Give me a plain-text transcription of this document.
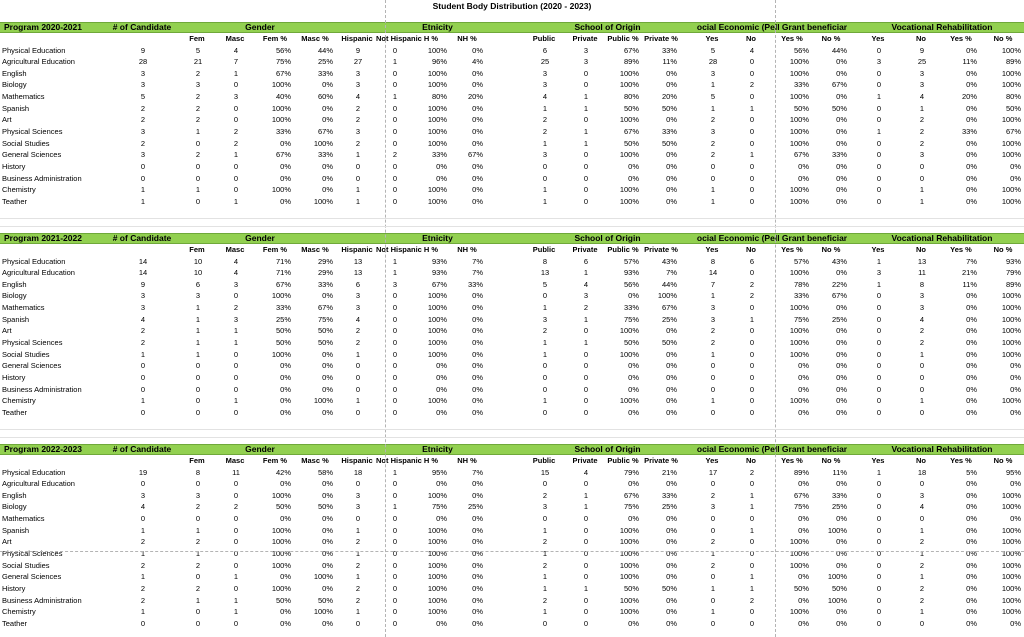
Student Body Distribution (2020 - 2023)
Program 2020-2021	# of Candidate	Gender	Etnicity	School of Origin	ocial Economic (Pell Grant beneficiar	Vocational Rehabilitation
Fem	Masc	Fem %	Masc %	Hispanic Not Hispanic H %	NH %	Public	Private	Public % Private %	Yes	No	Yes %	No %	Yes	No	Yes %	No %
Physical Education	9	5	4	56%	44%	9	0	100%	0%	6	3	67%	33%	5	4	56%	44%	0	9	0%	100%
Agricultural Education	28	21	7	75%	25%	27	1	96%	4%	25	3	89%	11%	28	0	100%	0%	3	25	11%	89%
English	3	2	1	67%	33%	3	0	100%	0%	3	0	100%	0%	3	0	100%	0%	0	3	0%	100%
Biology	3	3	0	100%	0%	3	0	100%	0%	3	0	100%	0%	1	2	33%	67%	0	3	0%	100%
Mathematics	5	2	3	40%	60%	4	1	80%	20%	4	1	80%	20%	5	0	100%	0%	1	4	20%	80%
Spanish	2	2	0	100%	0%	2	0	100%	0%	1	1	50%	50%	1	1	50%	50%	0	1	0%	50%
Art	2	2	0	100%	0%	2	0	100%	0%	2	0	100%	0%	2	0	100%	0%	0	2	0%	100%
Physical Sciences	3	1	2	33%	67%	3	0	100%	0%	2	1	67%	33%	3	0	100%	0%	1	2	33%	67%
Social Studies	2	0	2	0%	100%	2	0	100%	0%	1	1	50%	50%	2	0	100%	0%	0	2	0%	100%
General Sciences	3	2	1	67%	33%	1	2	33%	67%	3	0	100%	0%	2	1	67%	33%	0	3	0%	100%
History	0	0	0	0%	0%	0	0	0%	0%	0	0	0%	0%	0	0	0%	0%	0	0	0%	0%
Business Administration	0	0	0	0%	0%	0	0	0%	0%	0	0	0%	0%	0	0	0%	0%	0	0	0%	0%
Chemistry	1	1	0	100%	0%	1	0	100%	0%	1	0	100%	0%	1	0	100%	0%	0	1	0%	100%
Teather	1	0	1	0%	100%	1	0	100%	0%	1	0	100%	0%	1	0	100%	0%	0	1	0%	100%
Program 2021-2022	# of Candidate	Gender	Etnicity	School of Origin	ocial Economic (Pell Grant beneficiar	Vocational Rehabilitation
Fem	Masc	Fem %	Masc %	Hispanic Not Hispanic H %	NH %	Public	Private	Public % Private %	Yes	No	Yes %	No %	Yes	No	Yes %	No %
Physical Education	14	10	4	71%	29%	13	1	93%	7%	8	6	57%	43%	8	6	57%	43%	1	13	7%	93%
Agricultural Education	14	10	4	71%	29%	13	1	93%	7%	13	1	93%	7%	14	0	100%	0%	3	11	21%	79%
English	9	6	3	67%	33%	6	3	67%	33%	5	4	56%	44%	7	2	78%	22%	1	8	11%	89%
Biology	3	3	0	100%	0%	3	0	100%	0%	0	3	0%	100%	1	2	33%	67%	0	3	0%	100%
Mathematics	3	1	2	33%	67%	3	0	100%	0%	1	2	33%	67%	3	0	100%	0%	0	3	0%	100%
Spanish	4	1	3	25%	75%	4	0	100%	0%	3	1	75%	25%	3	1	75%	25%	0	4	0%	100%
Art	2	1	1	50%	50%	2	0	100%	0%	2	0	100%	0%	2	0	100%	0%	0	2	0%	100%
Physical Sciences	2	1	1	50%	50%	2	0	100%	0%	1	1	50%	50%	2	0	100%	0%	0	2	0%	100%
Social Studies	1	1	0	100%	0%	1	0	100%	0%	1	0	100%	0%	1	0	100%	0%	0	1	0%	100%
General Sciences	0	0	0	0%	0%	0	0	0%	0%	0	0	0%	0%	0	0	0%	0%	0	0	0%	0%
History	0	0	0	0%	0%	0	0	0%	0%	0	0	0%	0%	0	0	0%	0%	0	0	0%	0%
Business Administration	0	0	0	0%	0%	0	0	0%	0%	0	0	0%	0%	0	0	0%	0%	0	0	0%	0%
Chemistry	1	0	1	0%	100%	1	0	100%	0%	1	0	100%	0%	1	0	100%	0%	0	1	0%	100%
Teather	0	0	0	0%	0%	0	0	0%	0%	0	0	0%	0%	0	0	0%	0%	0	0	0%	0%
Program 2022-2023	# of Candidate	Gender	Etnicity	School of Origin	ocial Economic (Pell Grant beneficiar	Vocational Rehabilitation
Fem	Masc	Fem %	Masc %	Hispanic Not Hispanic H %	NH %	Public	Private	Public % Private %	Yes	No	Yes %	No %	Yes	No	Yes %	No %
Physical Education	19	8	11	42%	58%	18	1	95%	7%	15	4	79%	21%	17	2	89%	11%	1	18	5%	95%
Agricultural Education	0	0	0	0%	0%	0	0	0%	0%	0	0	0%	0%	0	0	0%	0%	0	0	0%	0%
English	3	3	0	100%	0%	3	0	100%	0%	2	1	67%	33%	2	1	67%	33%	0	3	0%	100%
Biology	4	2	2	50%	50%	3	1	75%	25%	3	1	75%	25%	3	1	75%	25%	0	4	0%	100%
Mathematics	0	0	0	0%	0%	0	0	0%	0%	0	0	0%	0%	0	0	0%	0%	0	0	0%	0%
Spanish	1	1	0	100%	0%	1	0	100%	0%	1	0	100%	0%	0	1	0%	100%	0	1	0%	100%
Art	2	2	0	100%	0%	2	0	100%	0%	2	0	100%	0%	2	0	100%	0%	0	2	0%	100%
Physical Sciences	1	1	0	100%	0%	1	0	100%	0%	1	0	100%	0%	1	0	100%	0%	0	1	0%	100%
Social Studies	2	2	0	100%	0%	2	0	100%	0%	2	0	100%	0%	2	0	100%	0%	0	2	0%	100%
General Sciences	1	0	1	0%	100%	1	0	100%	0%	1	0	100%	0%	0	1	0%	100%	0	1	0%	100%
History	2	2	0	100%	0%	2	0	100%	0%	1	1	50%	50%	1	1	50%	50%	0	2	0%	100%
Business Administration	2	1	1	50%	50%	2	0	100%	0%	2	0	100%	0%	0	2	0%	100%	0	2	0%	100%
Chemistry	1	0	1	0%	100%	1	0	100%	0%	1	0	100%	0%	1	0	100%	0%	0	1	0%	100%
Teather	0	0	0	0%	0%	0	0	0%	0%	0	0	0%	0%	0	0	0%	0%	0	0	0%	0%
